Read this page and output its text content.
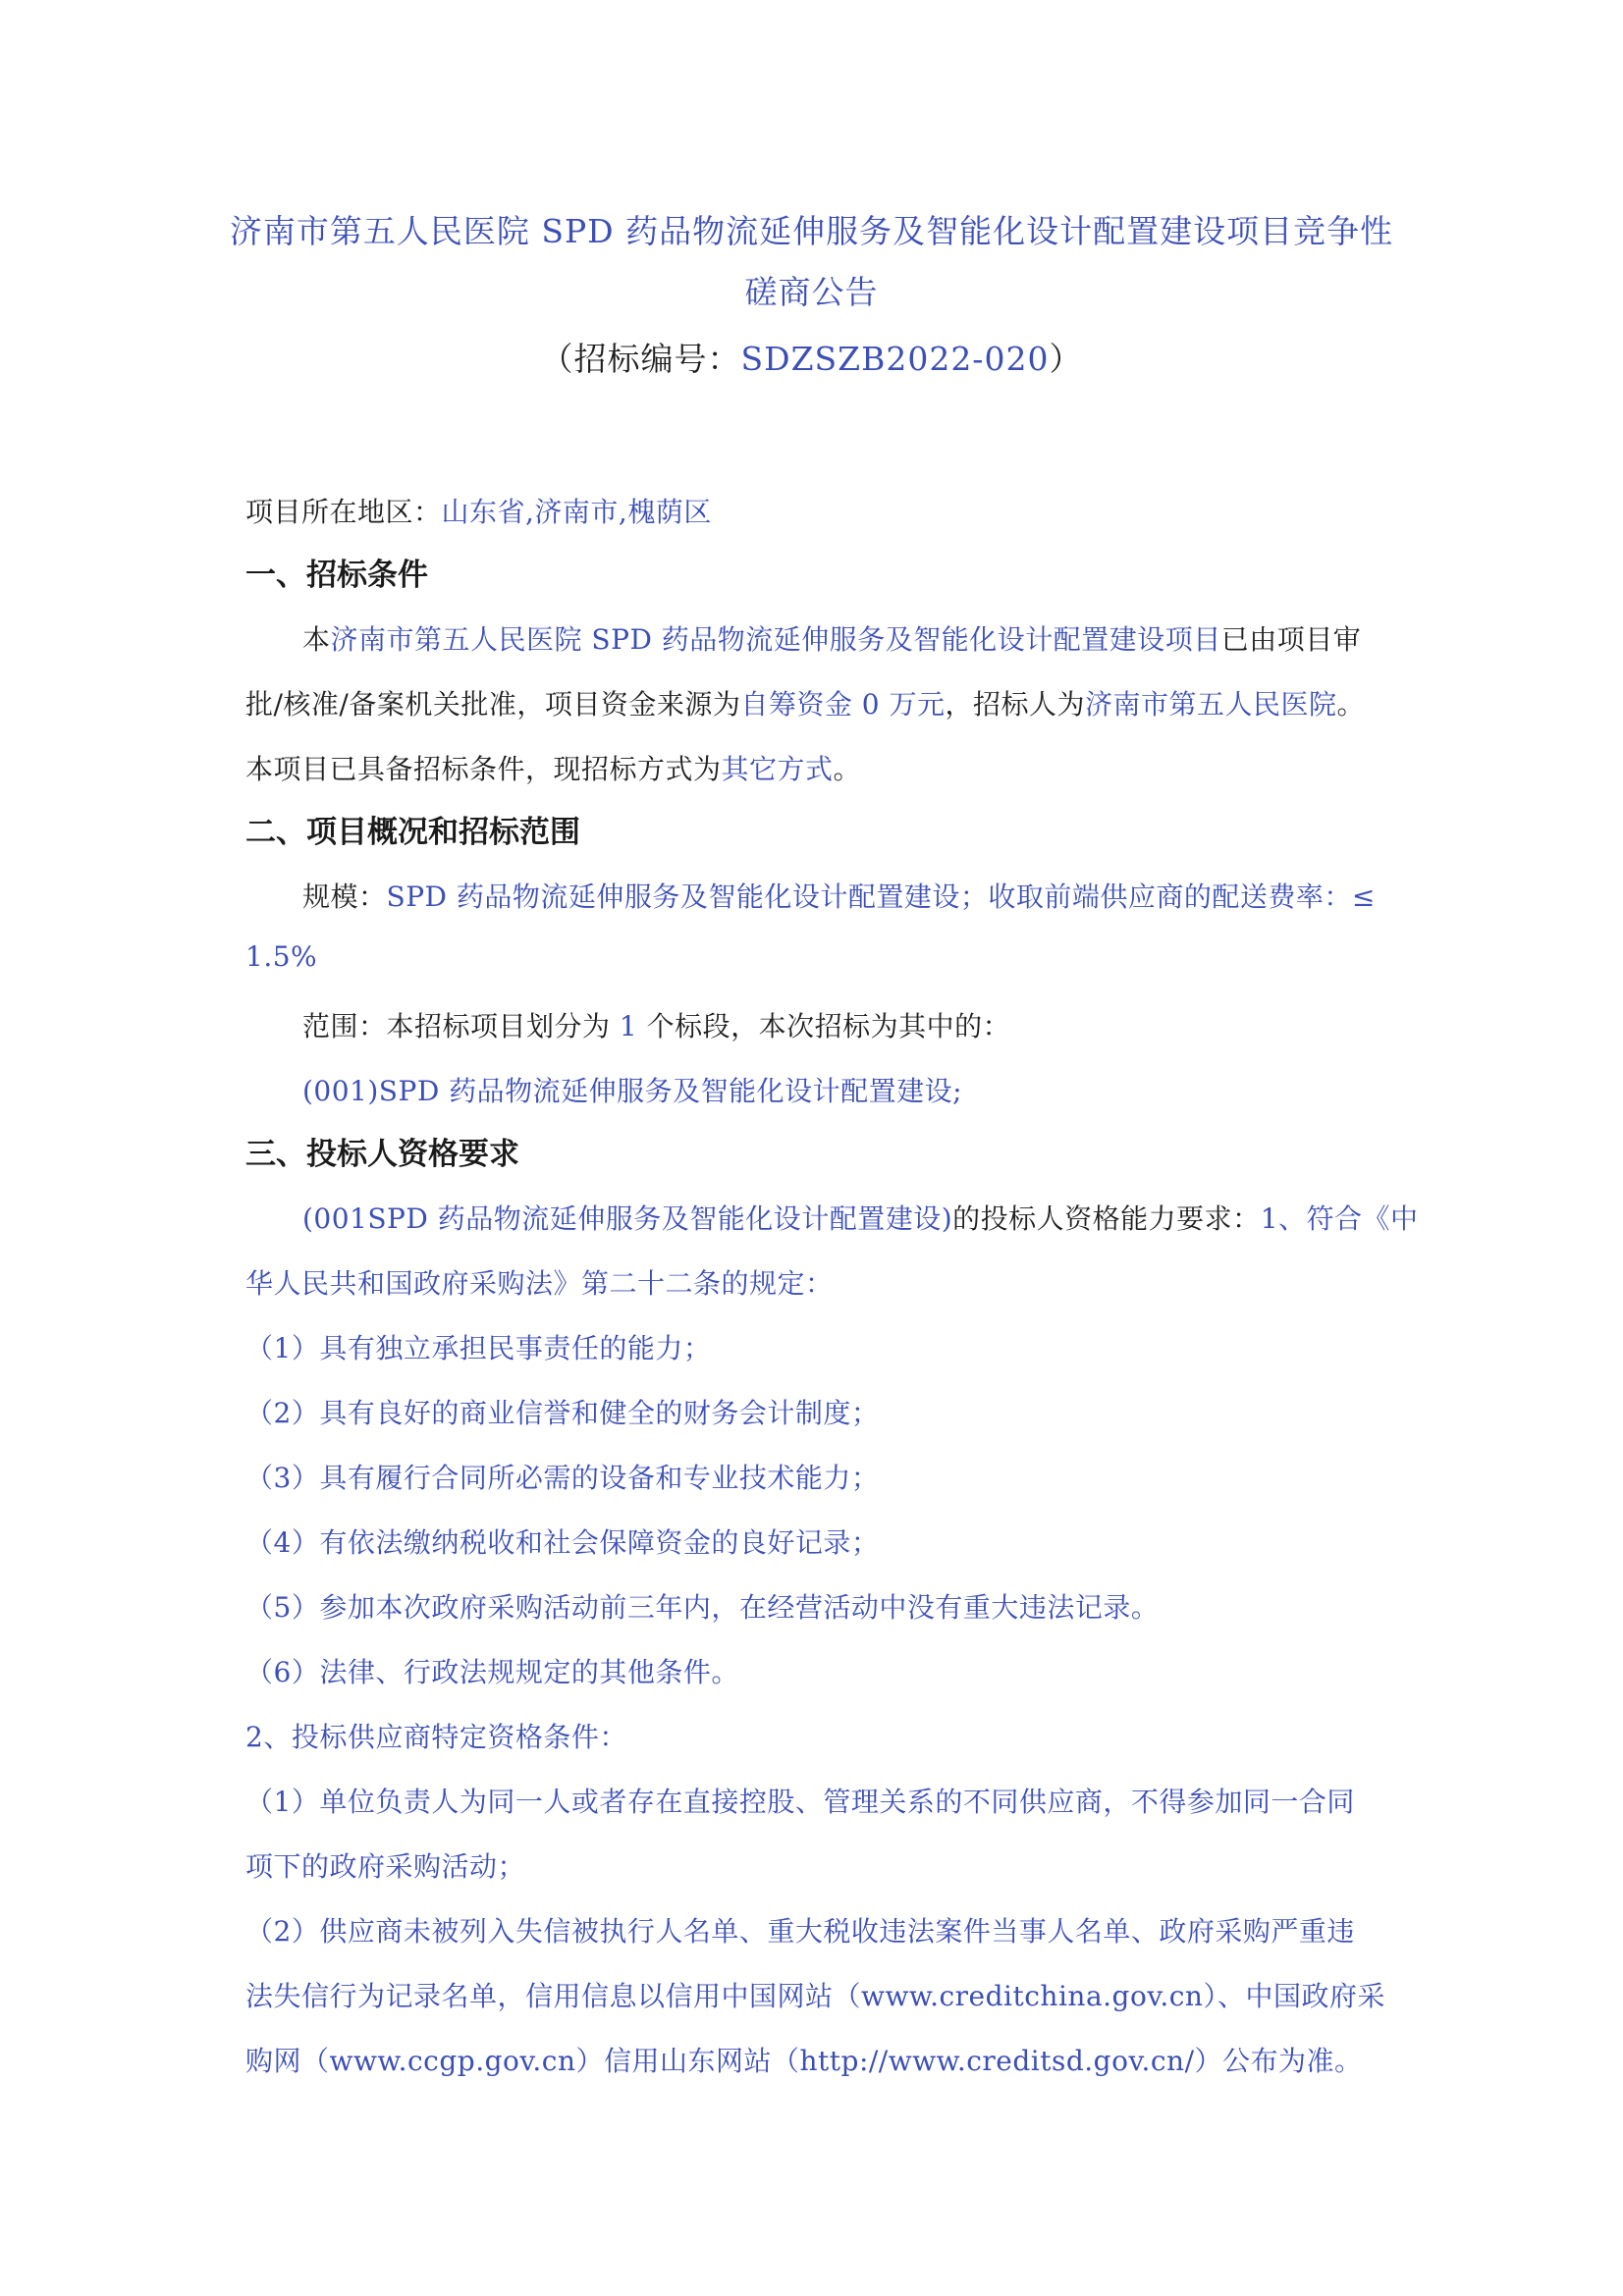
济南市第五人民医院 SPD 药品物流延伸服务及智能化设计配置建设项目竞争性
磋商公告
（招标编号：SDZSZB2022-020）
项目所在地区：山东省,济南市,槐荫区
一、招标条件
本济南市第五人民医院 SPD 药品物流延伸服务及智能化设计配置建设项目已由项目审
批/核准/备案机关批准，项目资金来源为自筹资金 0 万元，招标人为济南市第五人民医院。
本项目已具备招标条件，现招标方式为其它方式。
二、项目概况和招标范围
规模：SPD 药品物流延伸服务及智能化设计配置建设；收取前端供应商的配送费率：≤
1.5%
范围：本招标项目划分为 1 个标段，本次招标为其中的：
(001)SPD 药品物流延伸服务及智能化设计配置建设;
三、投标人资格要求
(001SPD 药品物流延伸服务及智能化设计配置建设)的投标人资格能力要求：1、符合《中
华人民共和国政府采购法》第二十二条的规定：
（1）具有独立承担民事责任的能力；
（2）具有良好的商业信誉和健全的财务会计制度；
（3）具有履行合同所必需的设备和专业技术能力；
（4）有依法缴纳税收和社会保障资金的良好记录；
（5）参加本次政府采购活动前三年内，在经营活动中没有重大违法记录。
（6）法律、行政法规规定的其他条件。
2、投标供应商特定资格条件：
（1）单位负责人为同一人或者存在直接控股、管理关系的不同供应商，不得参加同一合同
项下的政府采购活动；
（2）供应商未被列入失信被执行人名单、重大税收违法案件当事人名单、政府采购严重违
法失信行为记录名单，信用信息以信用中国网站（www.creditchina.gov.cn）、中国政府采
购网（www.ccgp.gov.cn）信用山东网站（http://www.creditsd.gov.cn/）公布为准。
